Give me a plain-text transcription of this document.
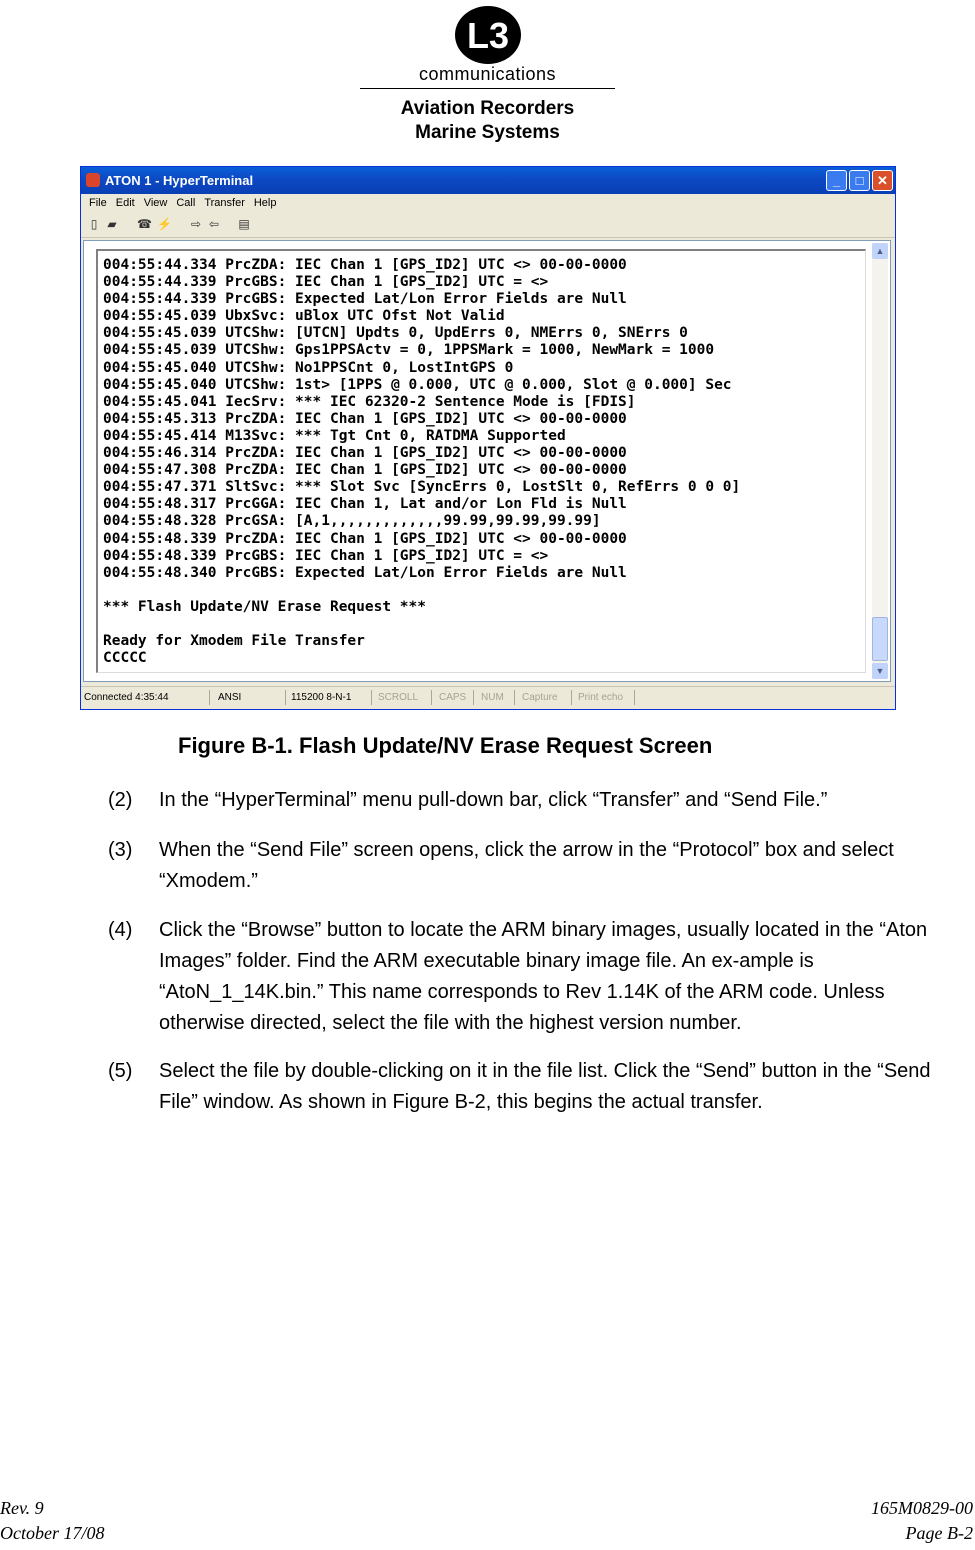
L3
communications
Aviation Recorders
Marine Systems
ATON 1 - HyperTerminal	_	□	✕
File Edit View Call Transfer Help
▯ ▰ ☎ ⚡ ⇨ ⇦ ▤
004:55:44.334 PrcZDA: IEC Chan 1 [GPS_ID2] UTC <> 00-00-0000
004:55:44.339 PrcGBS: IEC Chan 1 [GPS_ID2] UTC = <>
004:55:44.339 PrcGBS: Expected Lat/Lon Error Fields are Null
004:55:45.039 UbxSvc: uBlox UTC Ofst Not Valid
004:55:45.039 UTCShw: [UTCN] Updts 0, UpdErrs 0, NMErrs 0, SNErrs 0
004:55:45.039 UTCShw: Gps1PPSActv = 0, 1PPSMark = 1000, NewMark = 1000
004:55:45.040 UTCShw: No1PPSCnt 0, LostIntGPS 0
004:55:45.040 UTCShw: 1st> [1PPS @ 0.000, UTC @ 0.000, Slot @ 0.000] Sec
004:55:45.041 IecSrv: *** IEC 62320-2 Sentence Mode is [FDIS]
004:55:45.313 PrcZDA: IEC Chan 1 [GPS_ID2] UTC <> 00-00-0000
004:55:45.414 M13Svc: *** Tgt Cnt 0, RATDMA Supported
004:55:46.314 PrcZDA: IEC Chan 1 [GPS_ID2] UTC <> 00-00-0000
004:55:47.308 PrcZDA: IEC Chan 1 [GPS_ID2] UTC <> 00-00-0000
004:55:47.371 SltSvc: *** Slot Svc [SyncErrs 0, LostSlt 0, RefErrs 0 0 0]
004:55:48.317 PrcGGA: IEC Chan 1, Lat and/or Lon Fld is Null
004:55:48.328 PrcGSA: [A,1,,,,,,,,,,,,,99.99,99.99,99.99]
004:55:48.339 PrcZDA: IEC Chan 1 [GPS_ID2] UTC <> 00-00-0000
004:55:48.339 PrcGBS: IEC Chan 1 [GPS_ID2] UTC = <>
004:55:48.340 PrcGBS: Expected Lat/Lon Error Fields are Null
*** Flash Update/NV Erase Request ***
Ready for Xmodem File Transfer
CCCCC
▲
▼
Connected 4:35:44	ANSI	115200 8-N-1	SCROLL CAPS NUM Capture Print echo
Figure B-1. Flash Update/NV Erase Request Screen
(2) In the “HyperTerminal” menu pull-down bar, click “Transfer” and “Send File.”
(3) When the “Send File” screen opens, click the arrow in the “Protocol” box and select “Xmodem.”
(4) Click the “Browse” button to locate the ARM binary images, usually located in the “Aton Images” folder. Find the ARM executable binary image file. An ex-ample is “AtoN_1_14K.bin.” This name corresponds to Rev 1.14K of the ARM code. Unless otherwise directed, select the file with the highest version number.
(5) Select the file by double-clicking on it in the file list. Click the “Send” button in the “Send File” window. As shown in Figure B-2, this begins the actual transfer.
Rev. 9
October 17/08
165M0829-00
Page B-2
